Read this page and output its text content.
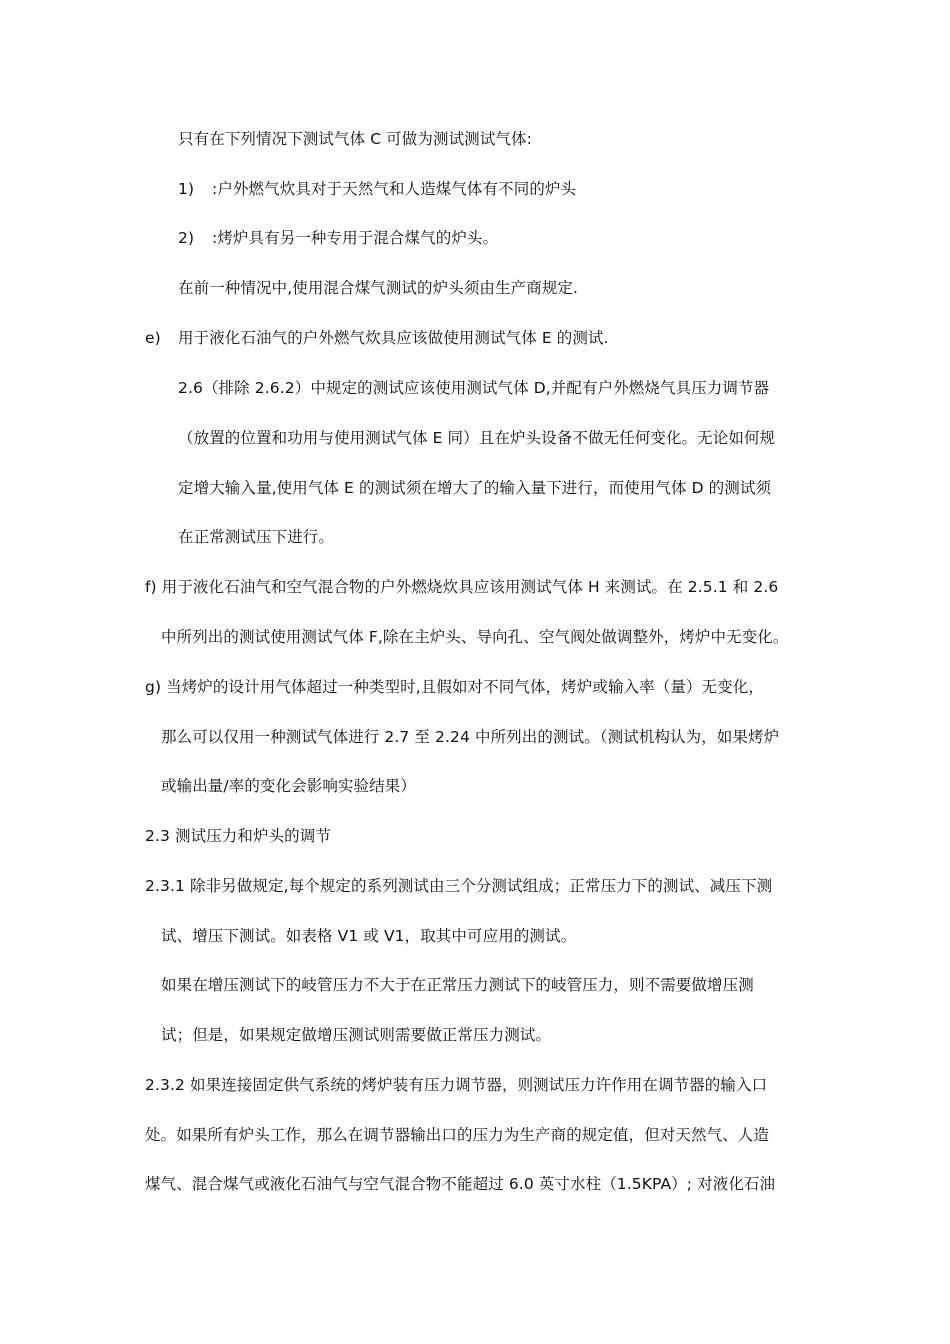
只有在下列情况下测试气体 C 可做为测试测试气体:
1) :户外燃气炊具对于天然气和人造煤气体有不同的炉头
2) :烤炉具有另一种专用于混合煤气的炉头。
在前一种情况中,使用混合煤气测试的炉头须由生产商规定.
e) 用于液化石油气的户外燃气炊具应该做使用测试气体 E 的测试.
2.6（排除 2.6.2）中规定的测试应该使用测试气体 D,并配有户外燃烧气具压力调节器
（放置的位置和功用与使用测试气体 E 同）且在炉头设备不做无任何变化。无论如何规
定增大输入量,使用气体 E 的测试须在增大了的输入量下进行，而使用气体 D 的测试须
在正常测试压下进行。
f) 用于液化石油气和空气混合物的户外燃烧炊具应该用测试气体 H 来测试。在 2.5.1 和 2.6
中所列出的测试使用测试气体 F,除在主炉头、导向孔、空气阀处做调整外，烤炉中无变化。
g) 当烤炉的设计用气体超过一种类型时,且假如对不同气体，烤炉或输入率（量）无变化，
那么可以仅用一种测试气体进行 2.7 至 2.24 中所列出的测试。（测试机构认为，如果烤炉
或输出量/率的变化会影响实验结果）
2.3 测试压力和炉头的调节
2.3.1 除非另做规定,每个规定的系列测试由三个分测试组成；正常压力下的测试、减压下测
试、增压下测试。如表格 V1 或 V1，取其中可应用的测试。
如果在增压测试下的岐管压力不大于在正常压力测试下的岐管压力，则不需要做增压测
试；但是，如果规定做增压测试则需要做正常压力测试。
2.3.2 如果连接固定供气系统的烤炉装有压力调节器，则测试压力许作用在调节器的输入口
处。如果所有炉头工作，那么在调节器输出口的压力为生产商的规定值，但对天然气、人造
煤气、混合煤气或液化石油气与空气混合物不能超过 6.0 英寸水柱（1.5KPA）; 对液化石油
